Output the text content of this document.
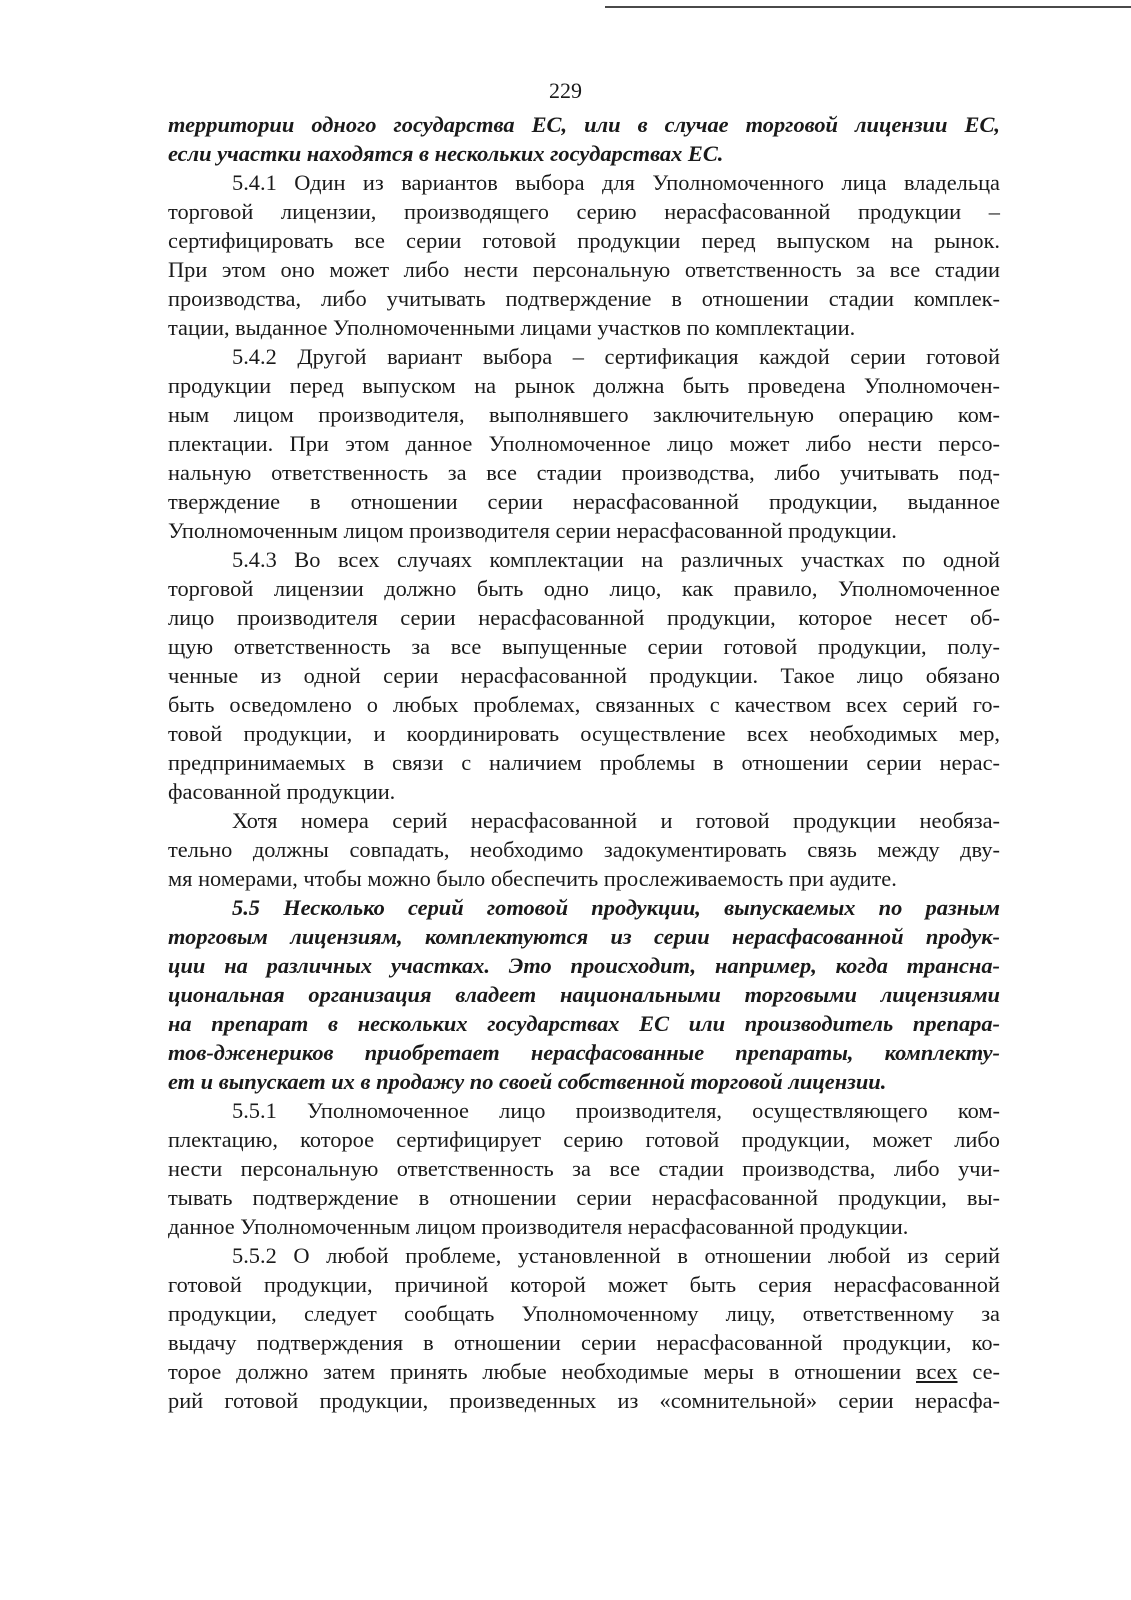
229

территории одного государства ЕС, или в случае торговой лицензии ЕС,

если участки находятся в нескольких государствах ЕС.

5.4.1 Один из вариантов выбора для Уполномоченного лица владельца

торговой лицензии, производящего серию нерасфасованной продукции –

сертифицировать все серии готовой продукции перед выпуском на рынок.

При этом оно может либо нести персональную ответственность за все стадии

производства, либо учитывать подтверждение в отношении стадии комплек-

тации, выданное Уполномоченными лицами участков по комплектации.

5.4.2 Другой вариант выбора – сертификация каждой серии готовой

продукции перед выпуском на рынок должна быть проведена Уполномочен-

ным лицом производителя, выполнявшего заключительную операцию ком-

плектации. При этом данное Уполномоченное лицо может либо нести персо-

нальную ответственность за все стадии производства, либо учитывать под-

тверждение в отношении серии нерасфасованной продукции, выданное

Уполномоченным лицом производителя серии нерасфасованной продукции.

5.4.3 Во всех случаях комплектации на различных участках по одной

торговой лицензии должно быть одно лицо, как правило, Уполномоченное

лицо производителя серии нерасфасованной продукции, которое несет об-

щую ответственность за все выпущенные серии готовой продукции, полу-

ченные из одной серии нерасфасованной продукции. Такое лицо обязано

быть осведомлено о любых проблемах, связанных с качеством всех серий го-

товой продукции, и координировать осуществление всех необходимых мер,

предпринимаемых в связи с наличием проблемы в отношении серии нерас-

фасованной продукции.

Хотя номера серий нерасфасованной и готовой продукции необяза-

тельно должны совпадать, необходимо задокументировать связь между дву-

мя номерами, чтобы можно было обеспечить прослеживаемость при аудите.

5.5 Несколько серий готовой продукции, выпускаемых по разным

торговым лицензиям, комплектуются из серии нерасфасованной продук-

ции на различных участках. Это происходит, например, когда трансна-

циональная организация владеет национальными торговыми лицензиями

на препарат в нескольких государствах ЕС или производитель препара-

тов-дженериков приобретает нерасфасованные препараты, комплекту-

ет и выпускает их в продажу по своей собственной торговой лицензии.

5.5.1 Уполномоченное лицо производителя, осуществляющего ком-

плектацию, которое сертифицирует серию готовой продукции, может либо

нести персональную ответственность за все стадии производства, либо учи-

тывать подтверждение в отношении серии нерасфасованной продукции, вы-

данное Уполномоченным лицом производителя нерасфасованной продукции.

5.5.2 О любой проблеме, установленной в отношении любой из серий

готовой продукции, причиной которой может быть серия нерасфасованной

продукции, следует сообщать Уполномоченному лицу, ответственному за

выдачу подтверждения в отношении серии нерасфасованной продукции, ко-

торое должно затем принять любые необходимые меры в отношении всех се-

рий готовой продукции, произведенных из «сомнительной» серии нерасфа-
